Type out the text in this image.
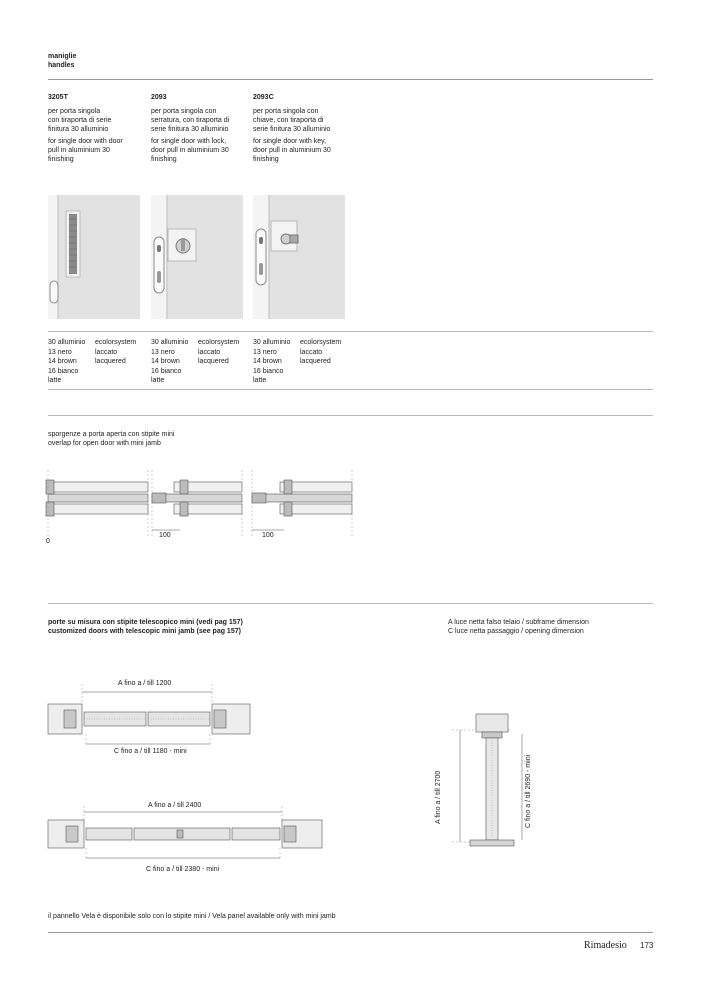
maniglie
handles
3205T
per porta singola
con tiraporta di serie
finitura 30 alluminio
for single door with door
pull in aluminium 30
finishing
2093
per porta singola con
serratura, con tiraporta di
serie finitura 30 alluminio
for single door with lock,
door pull in aluminium 30
finishing
2093C
per porta singola con
chiave, con tiraporta di
serie finitura 30 alluminio
for single door with key,
door pull in aluminium 30
finishing
30 alluminio
13 nero
14 brown
16 bianco
latte
ecolorsystem
laccato
lacquered
30 alluminio
13 nero
14 brown
16 bianco
latte
ecolorsystem
laccato
lacquered
30 alluminio
13 nero
14 brown
16 bianco
latte
ecolorsystem
laccato
lacquered
sporgenze a porta aperta con stipite mini
overlap for open door with mini jamb
0
100	100
porte su misura con stipite telescopico mini (vedi pag 157)
customized doors with telescopic mini jamb (see pag 157)
A luce netta falso telaio / subframe dimension
C luce netta passaggio / opening dimension
A fino a / till 1200
C fino a / till 1180 - mini
A fino a / till 2400
C fino a / till 2380 - mini
A fino a / till 2700	C fino a / till 2690 - mini
il pannello Vela è disponibile solo con lo stipite mini / Vela panel available only with mini jamb
Rimadesio 173
